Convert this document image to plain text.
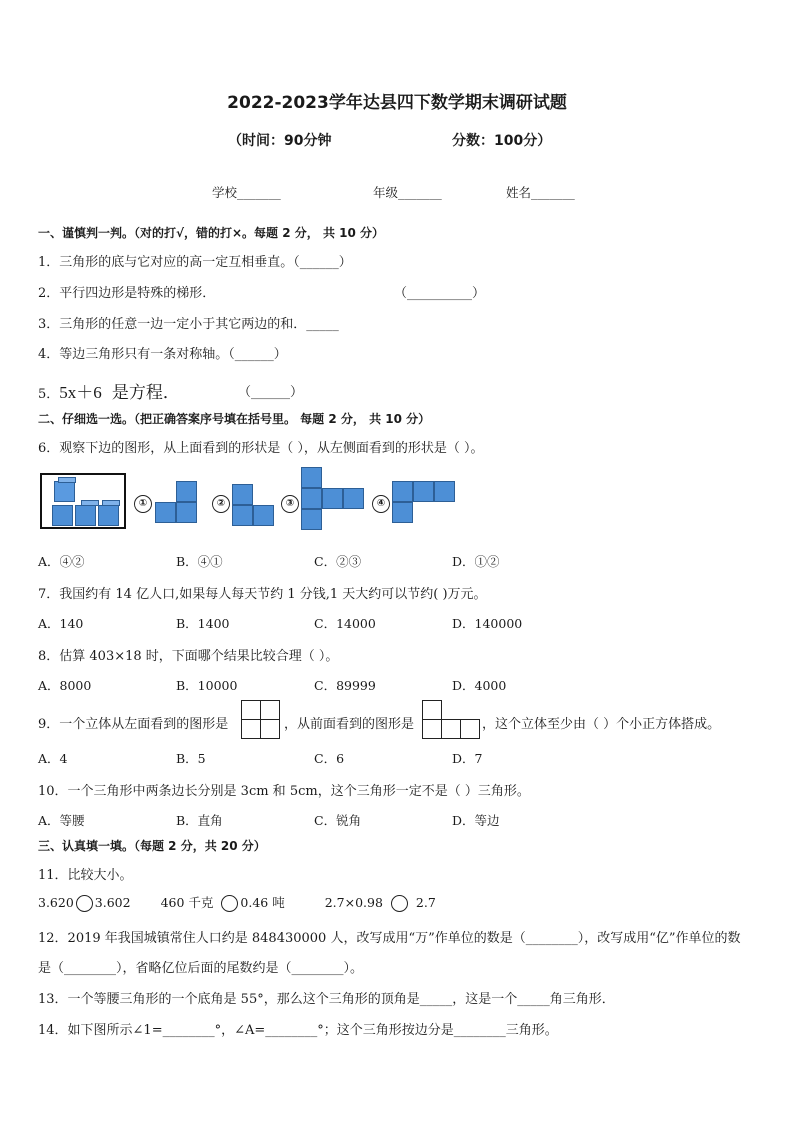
2022-2023学年达县四下数学期末调研试题
（时间：90分钟	分数：100分）
学校_______	年级_______	姓名_______
一、谨慎判一判。（对的打√，错的打×。每题 2 分， 共 10 分）
1．三角形的底与它对应的高一定互相垂直。（______）
2．平行四边形是特殊的梯形．	（__________）
3．三角形的任意一边一定小于其它两边的和．_____
4．等边三角形只有一条对称轴。（______）
5．5x＋6 是方程．	（______）
二、仔细选一选。（把正确答案序号填在括号里。 每题 2 分， 共 10 分）
6．观察下边的图形，从上面看到的形状是（ ），从左侧面看到的形状是（ ）。
①	②	③	④
A．④②	B．④①	C．②③	D．①②
7．我国约有 14 亿人口,如果每人每天节约 1 分钱,1 天大约可以节约( )万元。
A．140	B．1400	C．14000	D．140000
8．估算 403×18 时，下面哪个结果比较合理（ ）。
A．8000	B．10000	C．89999	D．4000
9．一个立体从左面看到的图形是	，从前面看到的图形是	，这个立体至少由（ ）个小正方体搭成。
A．4	B．5	C．6	D．7
10．一个三角形中两条边长分别是 3cm 和 5cm，这个三角形一定不是（ ）三角形。
A．等腰	B．直角	C．锐角	D．等边
三、认真填一填。（每题 2 分，共 20 分）
11．比较大小。
3.620 3.602 460 千克 0.46 吨	2.7×0.98	2.7
12．2019 年我国城镇常住人口约是 848430000 人，改写成用“万”作单位的数是（________），改写成用“亿”作单位的数
是（________），省略亿位后面的尾数约是（________）。
13．一个等腰三角形的一个底角是 55°，那么这个三角形的顶角是_____，这是一个_____角三角形．
14．如下图所示∠1=________°，∠A=________°；这个三角形按边分是________三角形。
